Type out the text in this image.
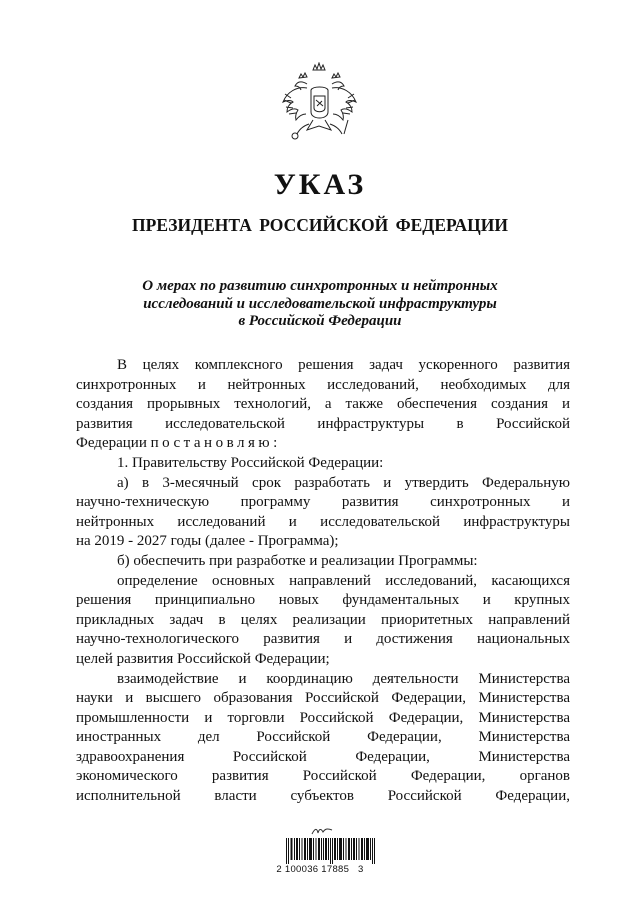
УКАЗ
ПРЕЗИДЕНТА РОССИЙСКОЙ ФЕДЕРАЦИИ
О мерах по развитию синхротронных и нейтронных
исследований и исследовательской инфраструктуры
в Российской Федерации
В целях комплексного решения задач ускоренного развития
синхротронных и нейтронных исследований, необходимых для
создания прорывных технологий, а также обеспечения создания и
развития исследовательской инфраструктуры в Российской
Федерации постановляю:
1. Правительству Российской Федерации:
а) в 3-месячный срок разработать и утвердить Федеральную
научно-техническую программу развития синхротронных и
нейтронных исследований и исследовательской инфраструктуры
на 2019 - 2027 годы (далее - Программа);
б) обеспечить при разработке и реализации Программы:
определение основных направлений исследований, касающихся
решения принципиально новых фундаментальных и крупных
прикладных задач в целях реализации приоритетных направлений
научно-технологического развития и достижения национальных
целей развития Российской Федерации;
взаимодействие и координацию деятельности Министерства
науки и высшего образования Российской Федерации, Министерства
промышленности и торговли Российской Федерации, Министерства
иностранных дел Российской Федерации, Министерства
здравоохранения Российской Федерации, Министерства
экономического развития Российской Федерации, органов
исполнительной власти субъектов Российской Федерации,
2 100036 17885   3
